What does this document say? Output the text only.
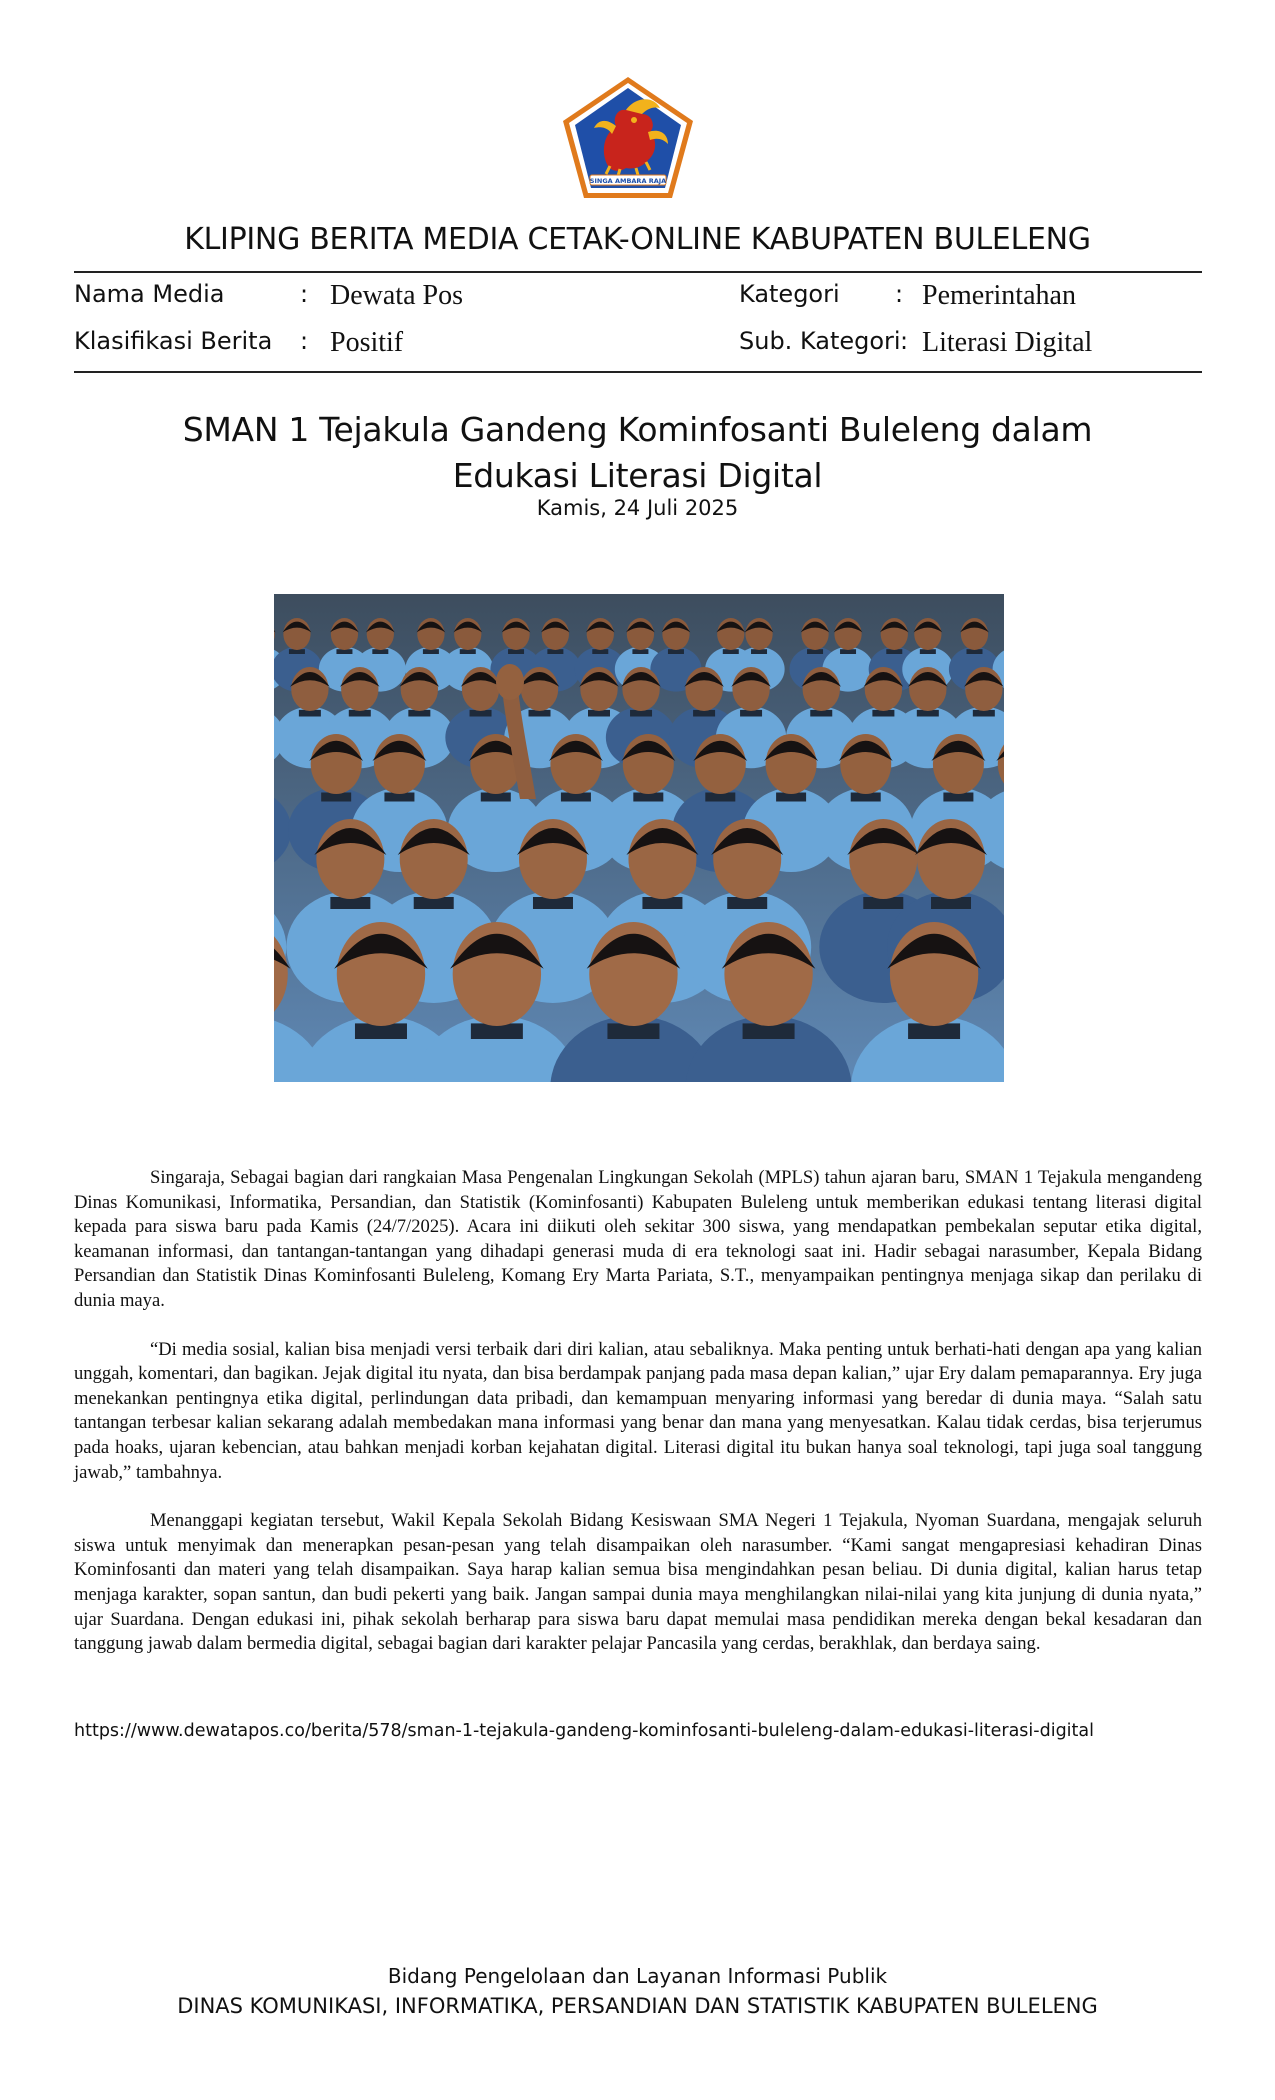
SINGA AMBARA RAJA
KLIPING BERITA MEDIA CETAK-ONLINE KABUPATEN BULELENG
Nama Media	: Dewata Pos	Kategori : Pemerintahan
Klasifikasi Berita : Positif	Sub. Kategori : Literasi Digital
SMAN 1 Tejakula Gandeng Kominfosanti Buleleng dalam
Edukasi Literasi Digital
Kamis, 24 Juli 2025

Singaraja, Sebagai bagian dari rangkaian Masa Pengenalan Lingkungan Sekolah (MPLS) tahun ajaran baru, SMAN 1 Tejakula mengandeng Dinas Komunikasi, Informatika, Persandian, dan Statistik (Kominfosanti) Kabupaten Buleleng untuk memberikan edukasi tentang literasi digital kepada para siswa baru pada Kamis (24/7/2025). Acara ini diikuti oleh sekitar 300 siswa, yang mendapatkan pembekalan seputar etika digital, keamanan informasi, dan tantangan-tantangan yang dihadapi generasi muda di era teknologi saat ini. Hadir sebagai narasumber, Kepala Bidang Persandian dan Statistik Dinas Kominfosanti Buleleng, Komang Ery Marta Pariata, S.T., menyampaikan pentingnya menjaga sikap dan perilaku di dunia maya.

“Di media sosial, kalian bisa menjadi versi terbaik dari diri kalian, atau sebaliknya. Maka penting untuk berhati-hati dengan apa yang kalian unggah, komentari, dan bagikan. Jejak digital itu nyata, dan bisa berdampak panjang pada masa depan kalian,” ujar Ery dalam pemaparannya. Ery juga menekankan pentingnya etika digital, perlindungan data pribadi, dan kemampuan menyaring informasi yang beredar di dunia maya. “Salah satu tantangan terbesar kalian sekarang adalah membedakan mana informasi yang benar dan mana yang menyesatkan. Kalau tidak cerdas, bisa terjerumus pada hoaks, ujaran kebencian, atau bahkan menjadi korban kejahatan digital. Literasi digital itu bukan hanya soal teknologi, tapi juga soal tanggung jawab,” tambahnya.

Menanggapi kegiatan tersebut, Wakil Kepala Sekolah Bidang Kesiswaan SMA Negeri 1 Tejakula, Nyoman Suardana, mengajak seluruh siswa untuk menyimak dan menerapkan pesan-pesan yang telah disampaikan oleh narasumber. “Kami sangat mengapresiasi kehadiran Dinas Kominfosanti dan materi yang telah disampaikan. Saya harap kalian semua bisa mengindahkan pesan beliau. Di dunia digital, kalian harus tetap menjaga karakter, sopan santun, dan budi pekerti yang baik. Jangan sampai dunia maya menghilangkan nilai-nilai yang kita junjung di dunia nyata,” ujar Suardana. Dengan edukasi ini, pihak sekolah berharap para siswa baru dapat memulai masa pendidikan mereka dengan bekal kesadaran dan tanggung jawab dalam bermedia digital, sebagai bagian dari karakter pelajar Pancasila yang cerdas, berakhlak, dan berdaya saing.

https://www.dewatapos.co/berita/578/sman-1-tejakula-gandeng-kominfosanti-buleleng-dalam-edukasi-literasi-digital
Bidang Pengelolaan dan Layanan Informasi Publik
DINAS KOMUNIKASI, INFORMATIKA, PERSANDIAN DAN STATISTIK KABUPATEN BULELENG
